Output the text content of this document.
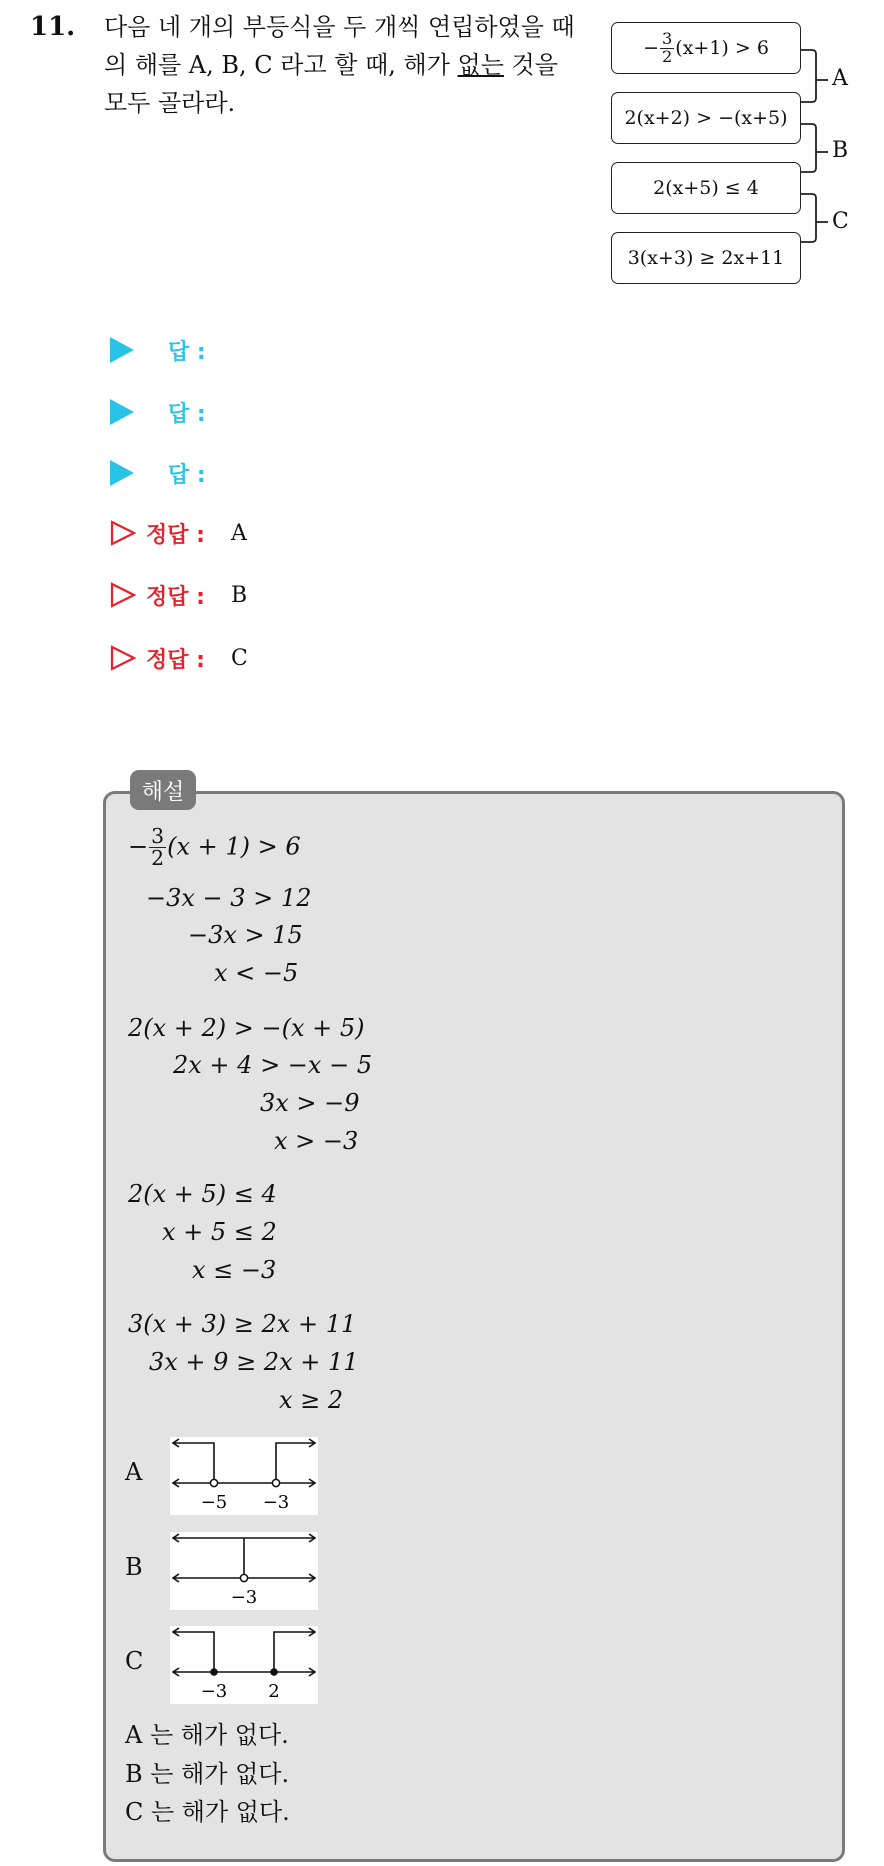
11. 다음 네 개의 부등식을 두 개씩 연립하였을 때의 해를 A, B, C 라고 할 때, 해가 없는 것을 모두 골라라.
− $\frac{3}{2} (x+1) > 6$
2(x+2) > −(x+5)
2(x+5) ≤ 4
3(x+3) ≥ 2x+11
A
B
C
답 :
답 :
답 :
정답 : A
정답 : B
정답 : C
해설
− $\frac{3}{2} (x + 1) > 6$
−3x − 3 > 12
−3x > 15
x < −5
2(x + 2) > −(x + 5)
2x + 4 > −x − 5
3x > −9
x > −3
2(x + 5) ≤ 4
x + 5 ≤ 2
x ≤ −3
3(x + 3) ≥ 2x + 11
3x + 9 ≥ 2x + 11
x ≥ 2
A
−5 −3
B
−3
C
−3 2
A 는 해가 없다.
B 는 해가 없다.
C 는 해가 없다.
